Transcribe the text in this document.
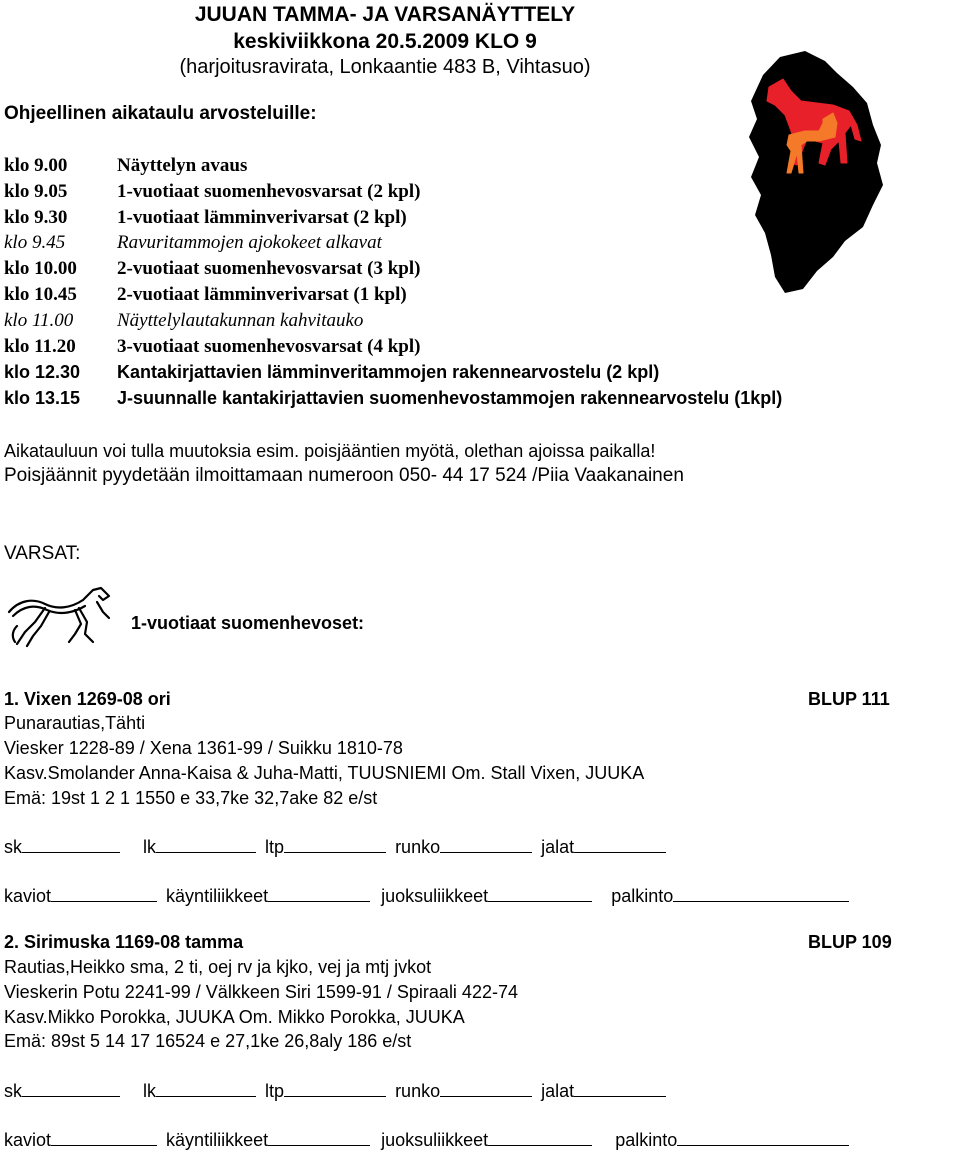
JUUAN TAMMA- JA VARSANÄYTTELY
keskiviikkona 20.5.2009 KLO 9
(harjoitusravirata, Lonkaantie 483 B, Vihtasuo)
Ohjeellinen aikataulu arvosteluille:
klo 9.00	Näyttelyn avaus
klo 9.05	1-vuotiaat suomenhevosvarsat (2 kpl)
klo 9.30	1-vuotiaat lämminverivarsat (2 kpl)
klo 9.45	Ravuritammojen ajokokeet alkavat
klo 10.00 2-vuotiaat suomenhevosvarsat (3 kpl)
klo 10.45 2-vuotiaat lämminverivarsat (1 kpl)
klo 11.00 Näyttelylautakunnan kahvitauko
klo 11.20 3-vuotiaat suomenhevosvarsat (4 kpl)
klo 12.30 Kantakirjattavien lämminveritammojen rakennearvostelu (2 kpl)
klo 13.15 J-suunnalle kantakirjattavien suomenhevostammojen rakennearvostelu (1kpl)
Aikatauluun voi tulla muutoksia esim. poisjääntien myötä, olethan ajoissa paikalla!
Poisjäännit pyydetään ilmoittamaan numeroon 050- 44 17 524 /Piia Vaakanainen
VARSAT:
1-vuotiaat suomenhevoset:
1. Vixen 1269-08 ori	BLUP 111
Punarautias,Tähti
Viesker 1228-89 / Xena 1361-99 / Suikku 1810-78
Kasv.Smolander Anna-Kaisa & Juha-Matti, TUUSNIEMI Om. Stall Vixen, JUUKA
Emä: 19st 1 2 1 1550 e 33,7ke 32,7ake 82 e/st
sk	lk	ltp	runko	jalat
kaviot	käyntiliikkeet	juoksuliikkeet	palkinto
2. Sirimuska 1169-08 tamma	BLUP 109
Rautias,Heikko sma, 2 ti, oej rv ja kjko, vej ja mtj jvkot
Vieskerin Potu 2241-99 / Välkkeen Siri 1599-91 / Spiraali 422-74
Kasv.Mikko Porokka, JUUKA Om. Mikko Porokka, JUUKA
Emä: 89st 5 14 17 16524 e 27,1ke 26,8aly 186 e/st
sk	lk	ltp	runko	jalat
kaviot	käyntiliikkeet	juoksuliikkeet	palkinto
